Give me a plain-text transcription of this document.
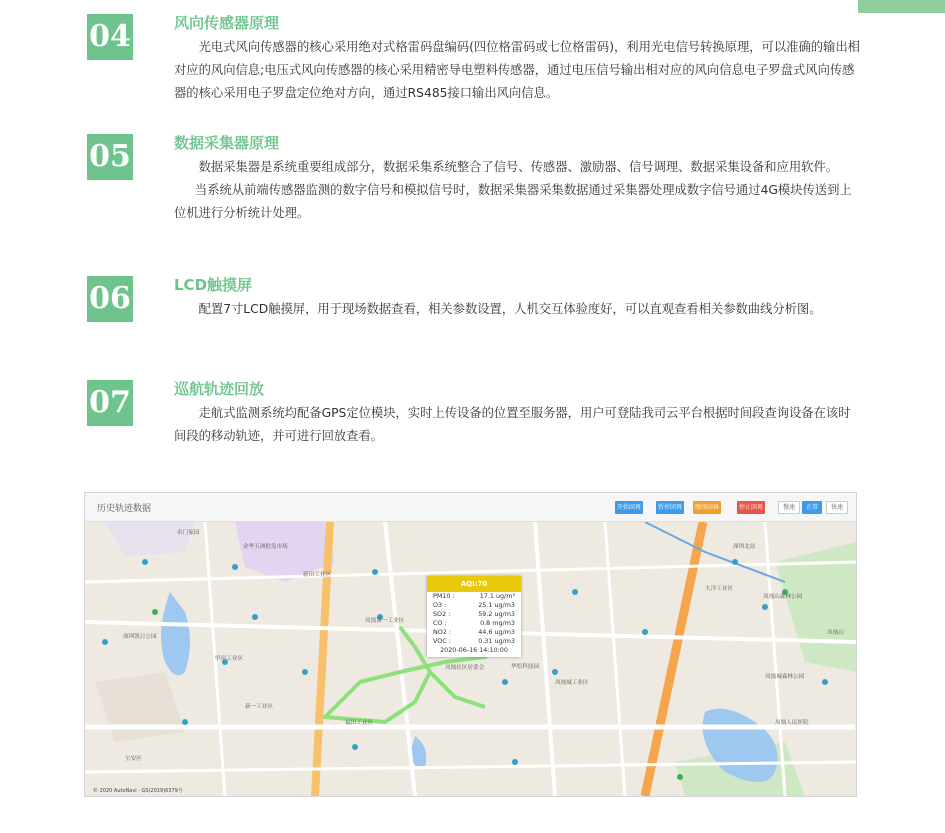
04	风向传感器原理

光电式风向传感器的核心采用绝对式格雷码盘编码(四位格雷码或七位格雷码)，利用光电信号转换原理，可以准确的输出相对应的风向信息;电压式风向传感器的核心采用精密导电塑料传感器，通过电压信号输出相对应的风向信息电子罗盘式风向传感器的核心采用电子罗盘定位绝对方向，通过RS485接口输出风向信息。

05	数据采集器原理

数据采集器是系统重要组成部分，数据采集系统整合了信号、传感器、激励器、信号调理、数据采集设备和应用软件。

当系统从前端传感器监测的数字信号和模拟信号时，数据采集器采集数据通过采集器处理成数字信号通过4G模块传送到上位机进行分析统计处理。

06	LCD触摸屏

配置7寸LCD触摸屏，用于现场数据查看，相关参数设置，人机交互体验度好，可以直观查看相关参数曲线分析图。

07	巡航轨迹回放

走航式监测系统均配备GPS定位模块，实时上传设备的位置至服务器，用户可登陆我司云平台根据时间段查询设备在该时间段的移动轨迹，并可进行回放查看。

历史轨迹数据	开始回再	暂停回再	继续回再	停止回再	慢速	正常	快速
名门家园
金华五洲批发市场
新田工业区
凤凰第一工业区
凤凰社区居委会	华松科技园
凤凰城工业区
深圳北站
凤凰山
凤凰山森林公园
深圳凯日公园
甲岸工业区
大洋工业区
新一工业区
福田工业区
宝安区
凤凰城森林公园
凤凰人民医院
AQI:70
PM10 :	17.1 ug/m³
O3 :	25.1 ug/m3
SO2 :	59.2 ug/m3
CO :	0.8 mg/m3
NO2 :	44.6 ug/m3
VOC :	0.31 ug/m3
2020-06-16 14:10:00
© 2020 AutoNavi · GS(2019)6379号
